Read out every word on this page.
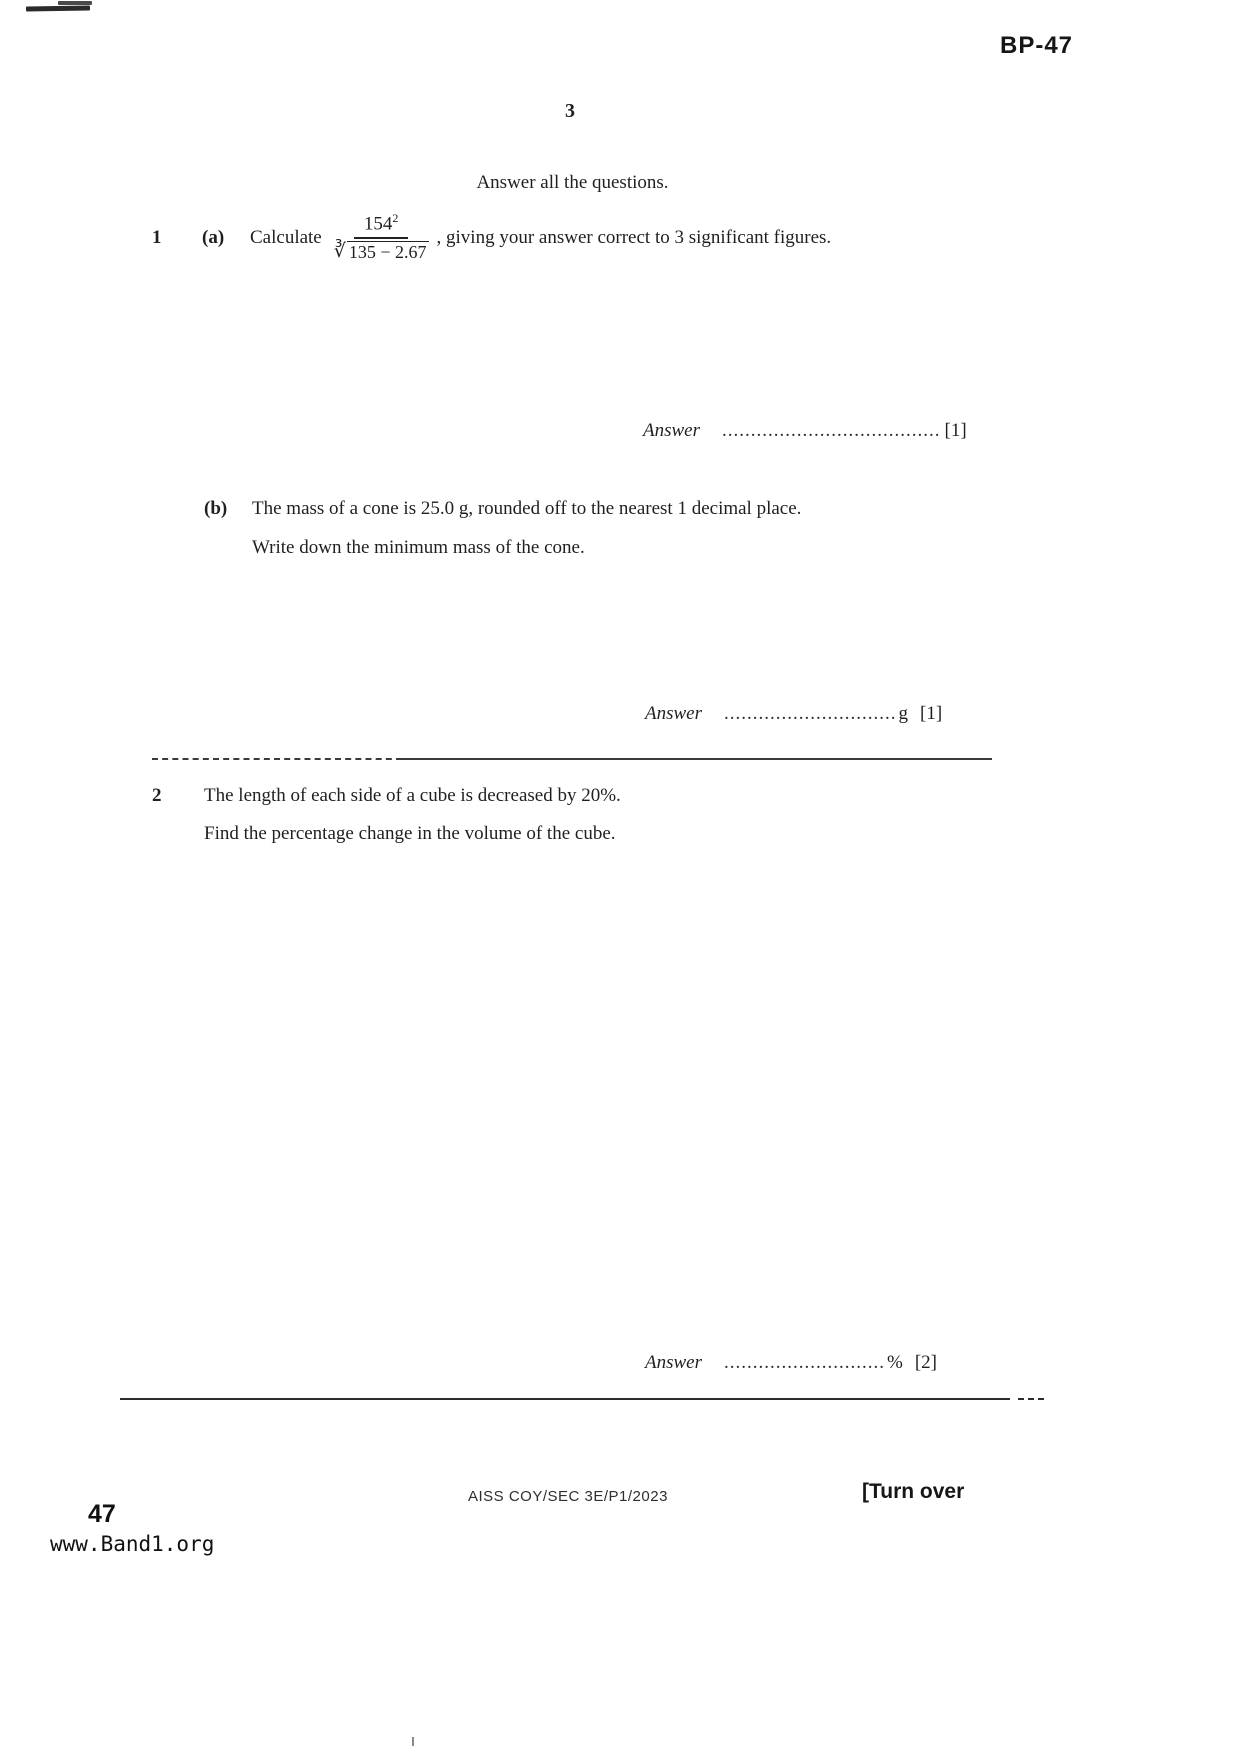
BP-47
3
Answer all the questions.
1	(a)	Calculate $\frac{154^2}{∛ 135 - 2.67}$ , giving your answer correct to 3 significant figures.
Answer ...................................... [1]
(b)	The mass of a cone is 25.0 g, rounded off to the nearest 1 decimal place.
Write down the minimum mass of the cone.
Answer .............................. g [1]
2	The length of each side of a cube is decreased by 20%.
Find the percentage change in the volume of the cube.
Answer ............................ % [2]
AISS COY/SEC 3E/P1/2023	[Turn over
47
www.Band1.org
